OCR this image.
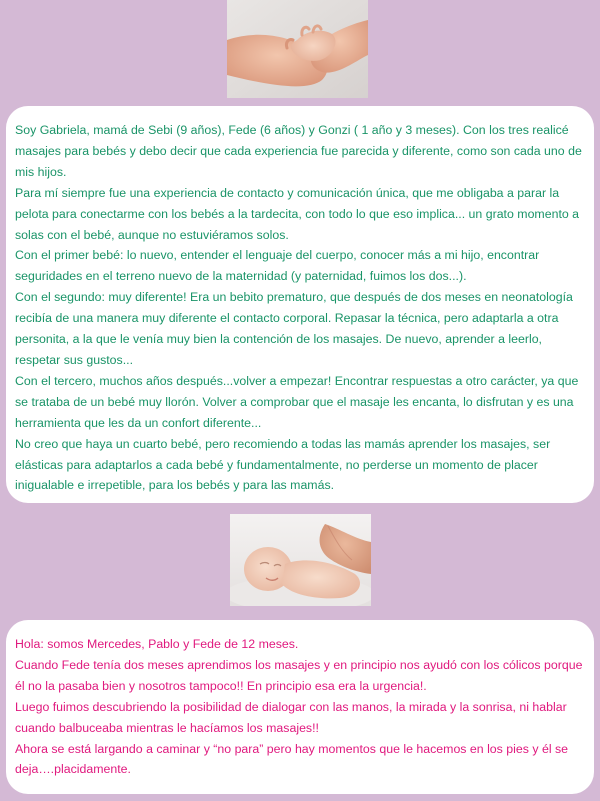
Soy Gabriela, mamá de Sebi (9 años), Fede (6 años) y Gonzi ( 1 año y 3 meses). Con los tres realicé masajes para bebés y debo decir que cada experiencia fue parecida y diferente, como son cada uno de mis hijos.

Para mí siempre fue una experiencia de contacto y comunicación única, que me obligaba a parar la pelota para conectarme con los bebés a la tardecita, con todo lo que eso implica... un grato momento a solas con el bebé, aunque no estuviéramos solos.

Con el primer bebé: lo nuevo, entender el lenguaje del cuerpo, conocer más a mi hijo, encontrar seguridades en el terreno nuevo de la maternidad (y paternidad, fuimos los dos...).

Con el segundo: muy diferente! Era un bebito prematuro, que después de dos meses en neonatología recibía de una manera muy diferente el contacto corporal. Repasar la técnica, pero adaptarla a otra personita, a la que le venía muy bien la contención de los masajes. De nuevo, aprender a leerlo, respetar sus gustos...

Con el tercero, muchos años después...volver a empezar! Encontrar respuestas a otro carácter, ya que se trataba de un bebé muy llorón. Volver a comprobar que el masaje les encanta, lo disfrutan y es una herramienta que les da un confort diferente...

No creo que haya un cuarto bebé, pero recomiendo a todas las mamás aprender los masajes, ser elásticas para adaptarlos a cada bebé y fundamentalmente, no perderse un momento de placer inigualable e irrepetible, para los bebés y para las mamás.

Hola: somos Mercedes, Pablo y Fede de 12 meses.

Cuando Fede tenía dos meses aprendimos los masajes y en principio nos ayudó con los cólicos porque él no la pasaba bien y nosotros tampoco!! En principio esa era la urgencia!.

Luego fuimos descubriendo la posibilidad de dialogar con las manos, la mirada y la sonrisa, ni hablar cuando balbuceaba mientras le hacíamos los masajes!!

Ahora se está largando a caminar y “no para” pero hay momentos que le hacemos en los pies y él se deja….placidamente.
